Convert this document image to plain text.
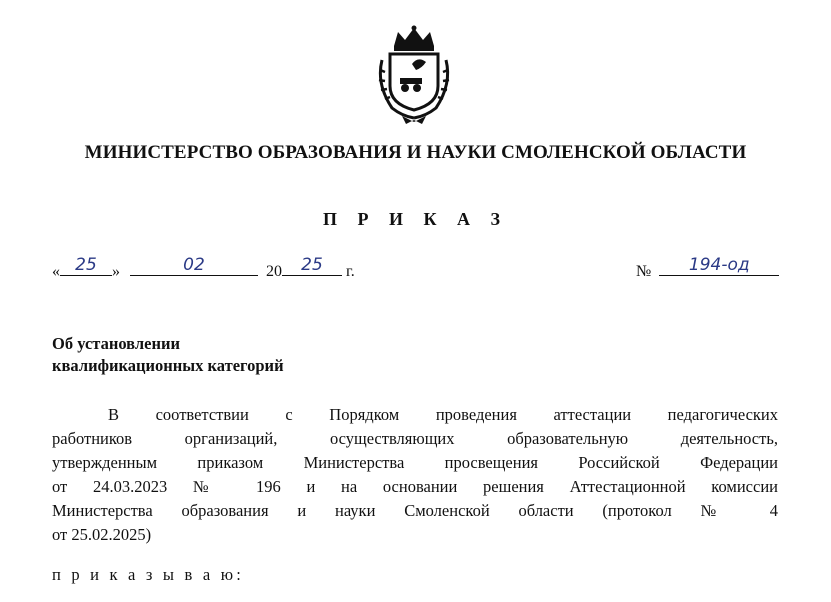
МИНИСТЕРСТВО ОБРАЗОВАНИЯ И НАУКИ СМОЛЕНСКОЙ ОБЛАСТИ
П Р И К А З
« 25 »	02	20	25	г.	№	194-од
Об установлении
квалификационных категорий
В соответствии с Порядком проведения аттестации педагогических
работников организаций, осуществляющих образовательную деятельность,
утвержденным приказом Министерства просвещения Российской Федерации
от 24.03.2023 № 196 и на основании решения Аттестационной комиссии
Министерства образования и науки Смоленской области (протокол № 4
от 25.02.2025)
п р и к а з ы в а ю:
